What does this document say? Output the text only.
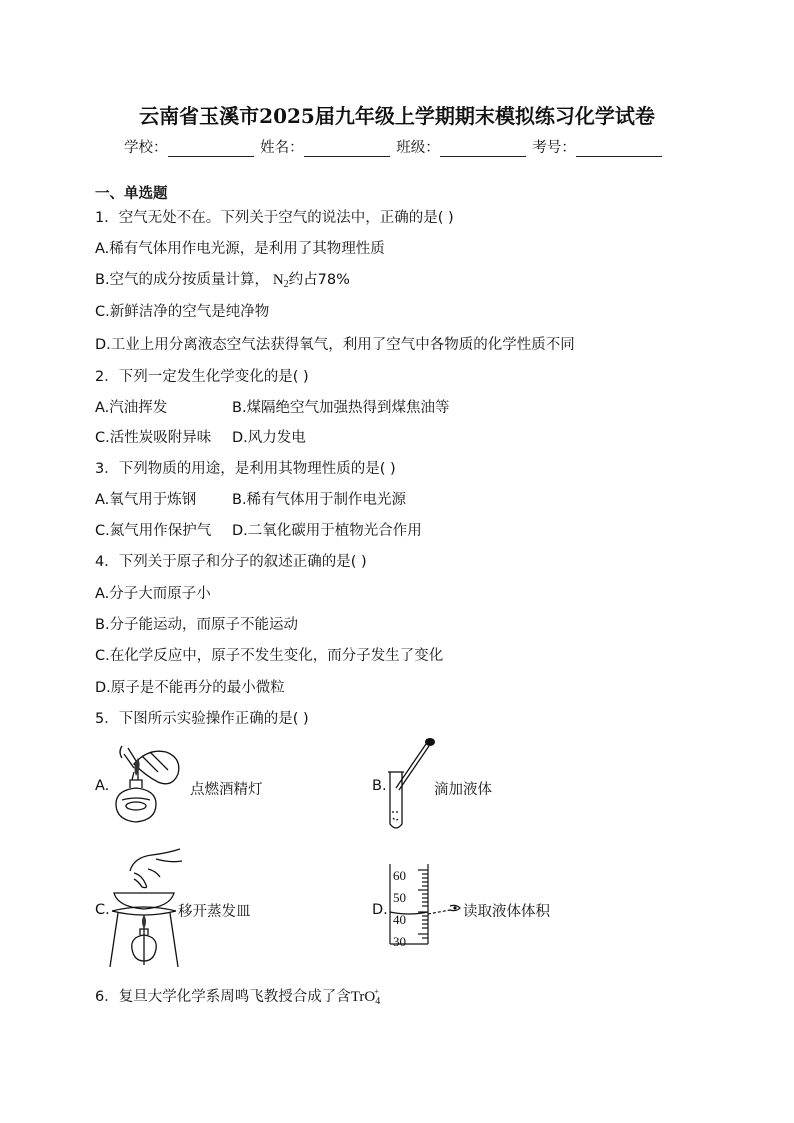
云南省玉溪市2025届九年级上学期期末模拟练习化学试卷
学校：	姓名：	班级：	考号：
一、单选题
1．空气无处不在。下列关于空气的说法中，正确的是( )
A.稀有气体用作电光源，是利用了其物理性质
B.空气的成分按质量计算， $N_2$约占78%
C.新鲜洁净的空气是纯净物
D.工业上用分离液态空气法获得氧气，利用了空气中各物质的化学性质不同
2．下列一定发生化学变化的是( )
A.汽油挥发	B.煤隔绝空气加强热得到煤焦油等
C.活性炭吸附异味 D.风力发电
3．下列物质的用途，是利用其物理性质的是( )
A.氧气用于炼钢 B.稀有气体用于制作电光源
C.氮气用作保护气 D.二氧化碳用于植物光合作用
4．下列关于原子和分子的叙述正确的是( )
A.分子大而原子小
B.分子能运动，而原子不能运动
C.在化学反应中，原子不发生变化，而分子发生了变化
D.原子是不能再分的最小微粒
5．下图所示实验操作正确的是( )
A.	点燃酒精灯	B.	滴加液体
C.	移开蒸发皿	D.
60
50
40
30
读取液体体积
6．复旦大学化学系周鸣飞教授合成了含TrO$_4$+
